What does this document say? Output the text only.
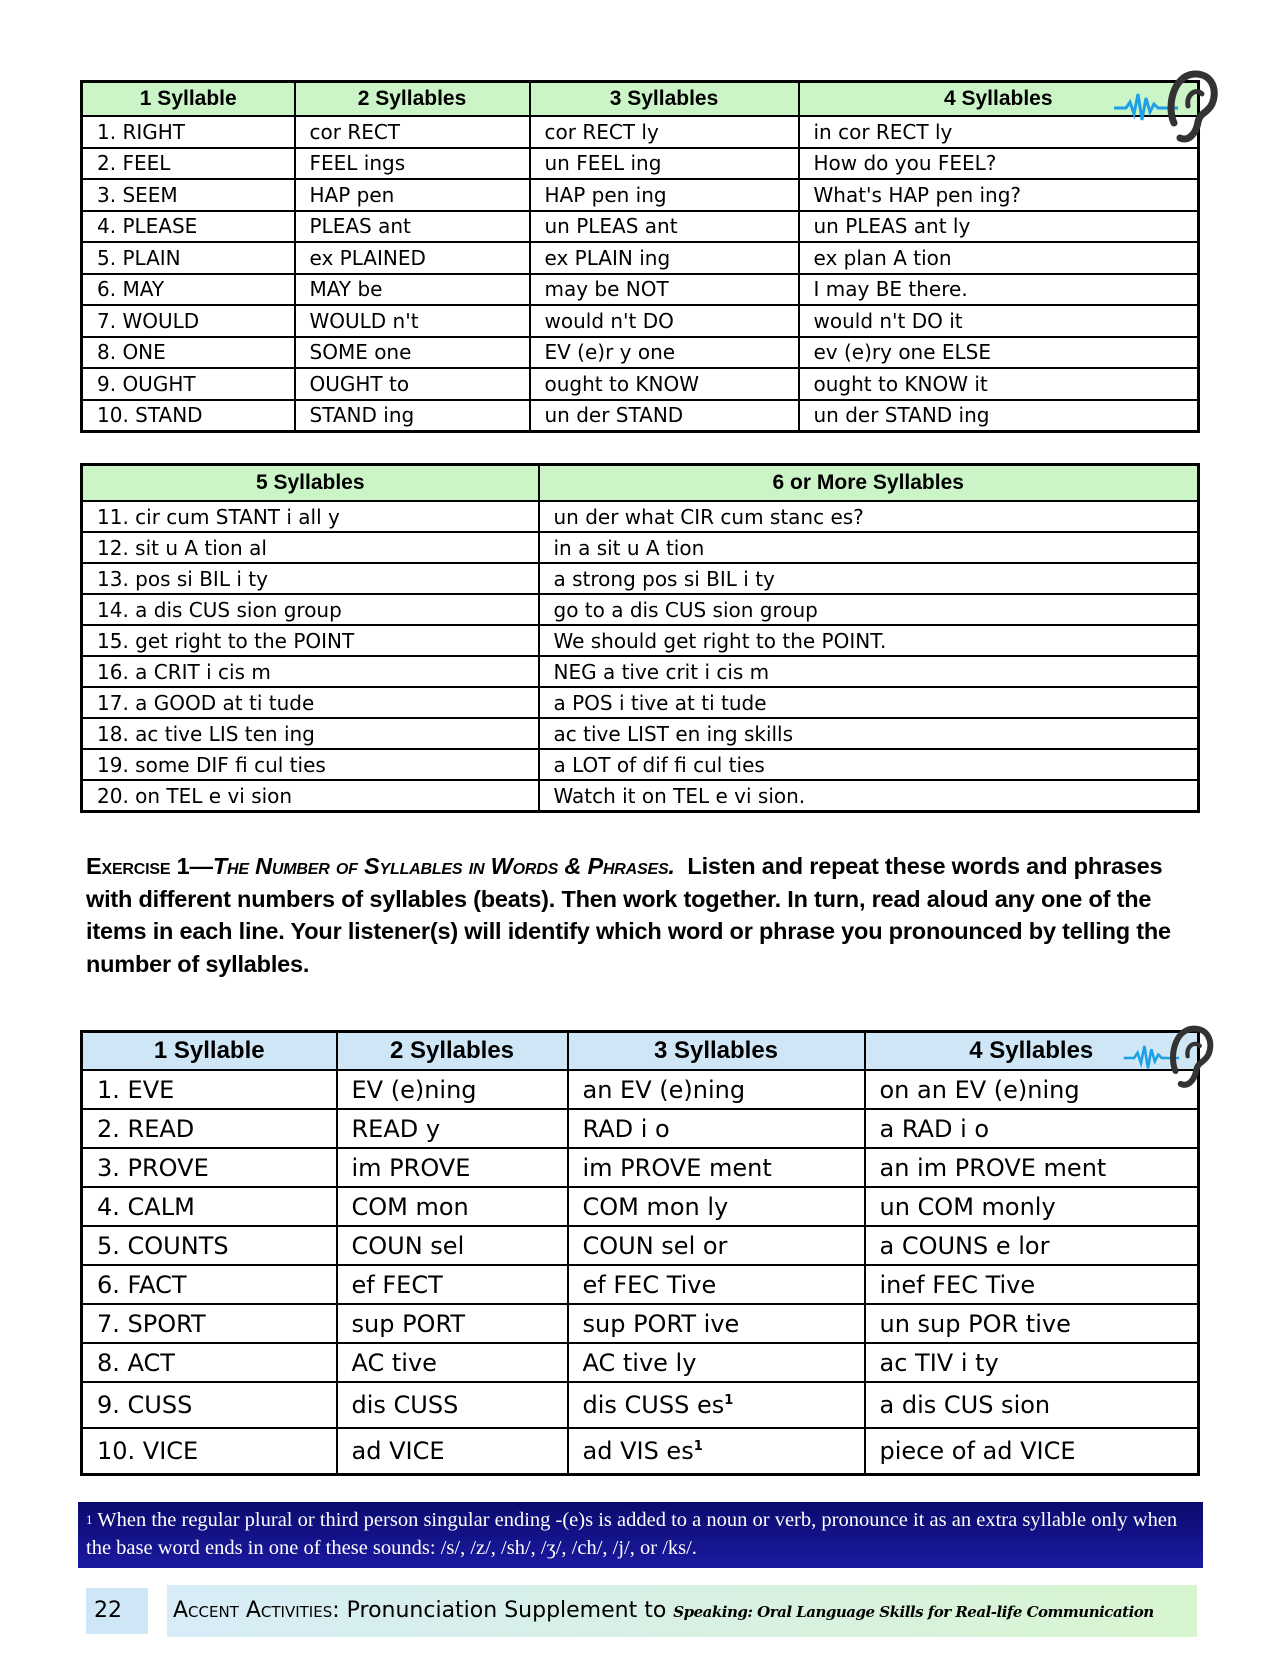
1 Syllable	2 Syllables	3 Syllables	4 Syllables
1. RIGHT	cor RECT	cor RECT ly	in cor RECT ly
2. FEEL	FEEL ings	un FEEL ing	How do you FEEL?
3. SEEM	HAP pen	HAP pen ing	What's HAP pen ing?
4. PLEASE	PLEAS ant	un PLEAS ant	un PLEAS ant ly
5. PLAIN	ex PLAINED	ex PLAIN ing	ex plan A tion
6. MAY	MAY be	may be NOT	I may BE there.
7. WOULD	WOULD n't	would n't DO	would n't DO it
8. ONE	SOME one	EV (e)r y one	ev (e)ry one ELSE
9. OUGHT	OUGHT to	ought to KNOW	ought to KNOW it
10. STAND	STAND ing	un der STAND	un der STAND ing
5 Syllables	6 or More Syllables
11. cir cum STANT i all y	un der what CIR cum stanc es?
12. sit u A tion al	in a sit u A tion
13. pos si BIL i ty	a strong pos si BIL i ty
14. a dis CUS sion group	go to a dis CUS sion group
15. get right to the POINT	We should get right to the POINT.
16. a CRIT i cis m	NEG a tive crit i cis m
17. a GOOD at ti tude	a POS i tive at ti tude
18. ac tive LIS ten ing	ac tive LIST en ing skills
19. some DIF fi cul ties	a LOT of dif fi cul ties
20. on TEL e vi sion	Watch it on TEL e vi sion.
Exercise 1—The Number of Syllables in Words & Phrases. Listen and repeat these words and phrases with different numbers of syllables (beats). Then work together. In turn, read aloud any one of the items in each line. Your listener(s) will identify which word or phrase you pronounced by telling the number of syllables.
1 Syllable	2 Syllables	3 Syllables	4 Syllables
1. EVE	EV (e)ning	an EV (e)ning	on an EV (e)ning
2. READ	READ y	RAD i o	a RAD i o
3. PROVE	im PROVE	im PROVE ment	an im PROVE ment
4. CALM	COM mon	COM mon ly	un COM monly
5. COUNTS	COUN sel	COUN sel or	a COUNS e lor
6. FACT	ef FECT	ef FEC Tive	inef FEC Tive
7. SPORT	sup PORT	sup PORT ive	un sup POR tive
8. ACT	AC tive	AC tive ly	ac TIV i ty
9. CUSS	dis CUSS	dis CUSS $es^1$	a dis CUS sion
10. VICE	ad VICE	ad VIS $es^1$	piece of ad VICE
$^1$ When the regular plural or third person singular ending -(e)s is added to a noun or verb, pronounce it as an extra syllable only when the base word ends in one of these sounds: /s/, /z/, /sh/, /ʒ/, /ch/, /j/, or /ks/.
22	Accent Activities: Pronunciation Supplement to Speaking: Oral Language Skills for Real-life Communication
